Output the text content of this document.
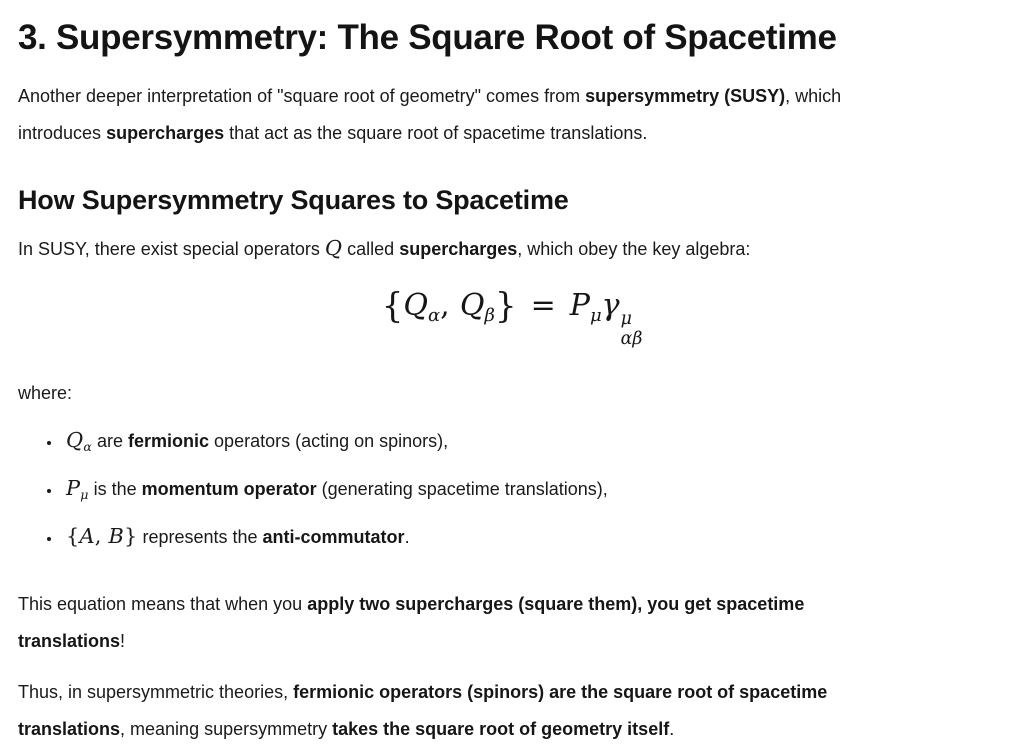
3. Supersymmetry: The Square Root of Spacetime

Another deeper interpretation of "square root of geometry" comes from supersymmetry (SUSY), which
introduces supercharges that act as the square root of spacetime translations.

How Supersymmetry Squares to Spacetime

In SUSY, there exist special operators Q called supercharges, which obey the key algebra:

{$Q_\alpha$, $Q_\beta\} = P_\mu\gamma$ μ
αβ

where:

• $Q_\alpha$ are fermionic operators (acting on spinors),
• $P_\mu$ is the momentum operator (generating spacetime translations),
• {A, B} represents the anti-commutator.

This equation means that when you apply two supercharges (square them), you get spacetime
translations!

Thus, in supersymmetric theories, fermionic operators (spinors) are the square root of spacetime
translations, meaning supersymmetry takes the square root of geometry itself.
